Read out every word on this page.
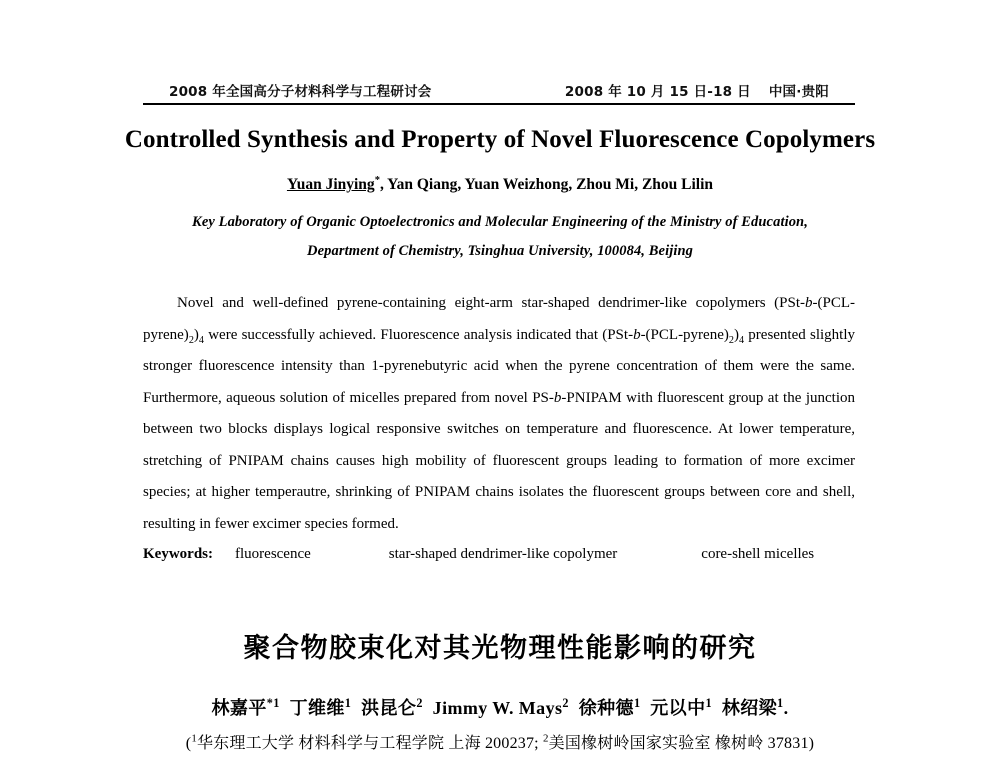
2008 年全国高分子材料科学与工程研讨会	2008 年 10 月 15 日-18 日 中国·贵阳
Controlled Synthesis and Property of Novel Fluorescence Copolymers
Yuan Jinying*, Yan Qiang, Yuan Weizhong, Zhou Mi, Zhou Lilin
Key Laboratory of Organic Optoelectronics and Molecular Engineering of the Ministry of Education,
Department of Chemistry, Tsinghua University, 100084, Beijing

Novel and well-defined pyrene-containing eight-arm star-shaped dendrimer-like copolymers $(PSt-b-(PCL-pyrene)_2)_4$ were successfully achieved. Fluorescence analysis indicated that $(PSt-b-(PCL-pyrene)_2)_4$ presented slightly stronger fluorescence intensity than 1-pyrenebutyric acid when the pyrene concentration of them were the same. Furthermore, aqueous solution of micelles prepared from novel PS-b-PNIPAM with fluorescent group at the junction between two blocks displays logical responsive switches on temperature and fluorescence. At lower temperature, stretching of PNIPAM chains causes high mobility of fluorescent groups leading to formation of more excimer species; at higher temperautre, shrinking of PNIPAM chains isolates the fluorescent groups between core and shell, resulting in fewer excimer species formed.

Keywords: fluorescence	star-shaped dendrimer-like copolymer	core-shell micelles
聚合物胶束化对其光物理性能影响的研究
林嘉平$^{*1}$ 丁维维$^1$ 洪昆仑$^2$ Jimmy W. Mays$^2$ 徐种德$^1$ 元以中$^1$ 林绍梁$^1$.
($^1$华东理工大学 材料科学与工程学院 上海 200237; $^2$美国橡树岭国家实验室 橡树岭 37831)
